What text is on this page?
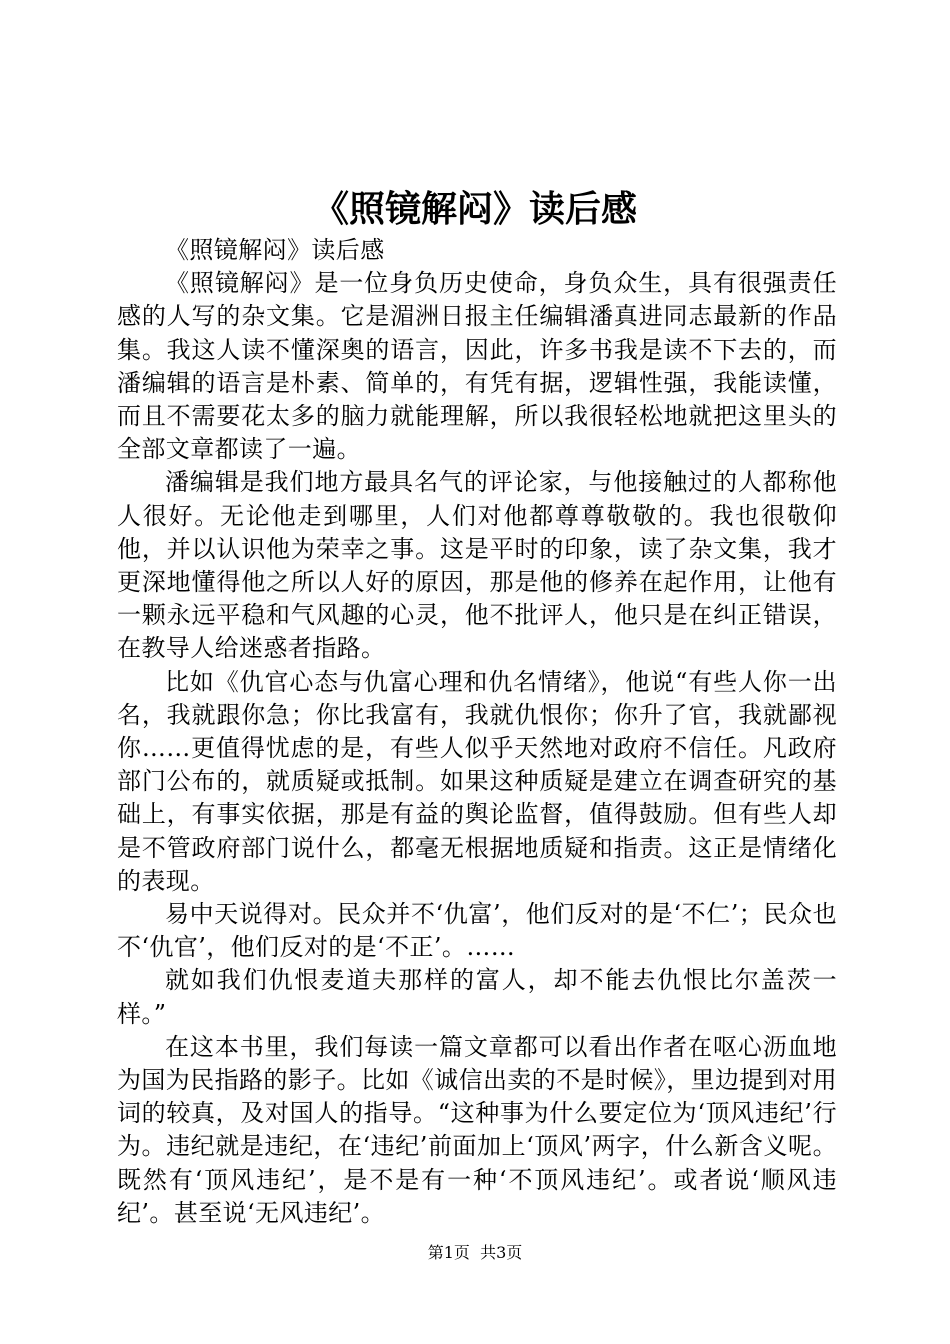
《照镜解闷》读后感

《照镜解闷》读后感

《照镜解闷》是一位身负历史使命，身负众生，具有很强责任感的人写的杂文集。它是湄洲日报主任编辑潘真进同志最新的作品集。我这人读不懂深奥的语言，因此，许多书我是读不下去的，而潘编辑的语言是朴素、简单的，有凭有据，逻辑性强，我能读懂，而且不需要花太多的脑力就能理解，所以我很轻松地就把这里头的全部文章都读了一遍。

潘编辑是我们地方最具名气的评论家，与他接触过的人都称他人很好。无论他走到哪里，人们对他都尊尊敬敬的。我也很敬仰他，并以认识他为荣幸之事。这是平时的印象，读了杂文集，我才更深地懂得他之所以人好的原因，那是他的修养在起作用，让他有一颗永远平稳和气风趣的心灵，他不批评人，他只是在纠正错误，在教导人给迷惑者指路。

比如《仇官心态与仇富心理和仇名情绪》，他说“有些人你一出名，我就跟你急；你比我富有，我就仇恨你；你升了官，我就鄙视你……更值得忧虑的是，有些人似乎天然地对政府不信任。凡政府部门公布的，就质疑或抵制。如果这种质疑是建立在调查研究的基础上，有事实依据，那是有益的舆论监督，值得鼓励。但有些人却是不管政府部门说什么，都毫无根据地质疑和指责。这正是情绪化的表现。

易中天说得对。民众并不‘仇富’，他们反对的是‘不仁’；民众也不‘仇官’，他们反对的是‘不正’。……

就如我们仇恨麦道夫那样的富人，却不能去仇恨比尔盖茨一样。”

在这本书里，我们每读一篇文章都可以看出作者在呕心沥血地为国为民指路的影子。比如《诚信出卖的不是时候》，里边提到对用词的较真，及对国人的指导。“这种事为什么要定位为‘顶风违纪’行为。违纪就是违纪，在‘违纪’前面加上‘顶风’两字，什么新含义呢。既然有‘顶风违纪’，是不是有一种‘不顶风违纪’。或者说‘顺风违纪’。甚至说‘无风违纪’。

第1页 共3页
